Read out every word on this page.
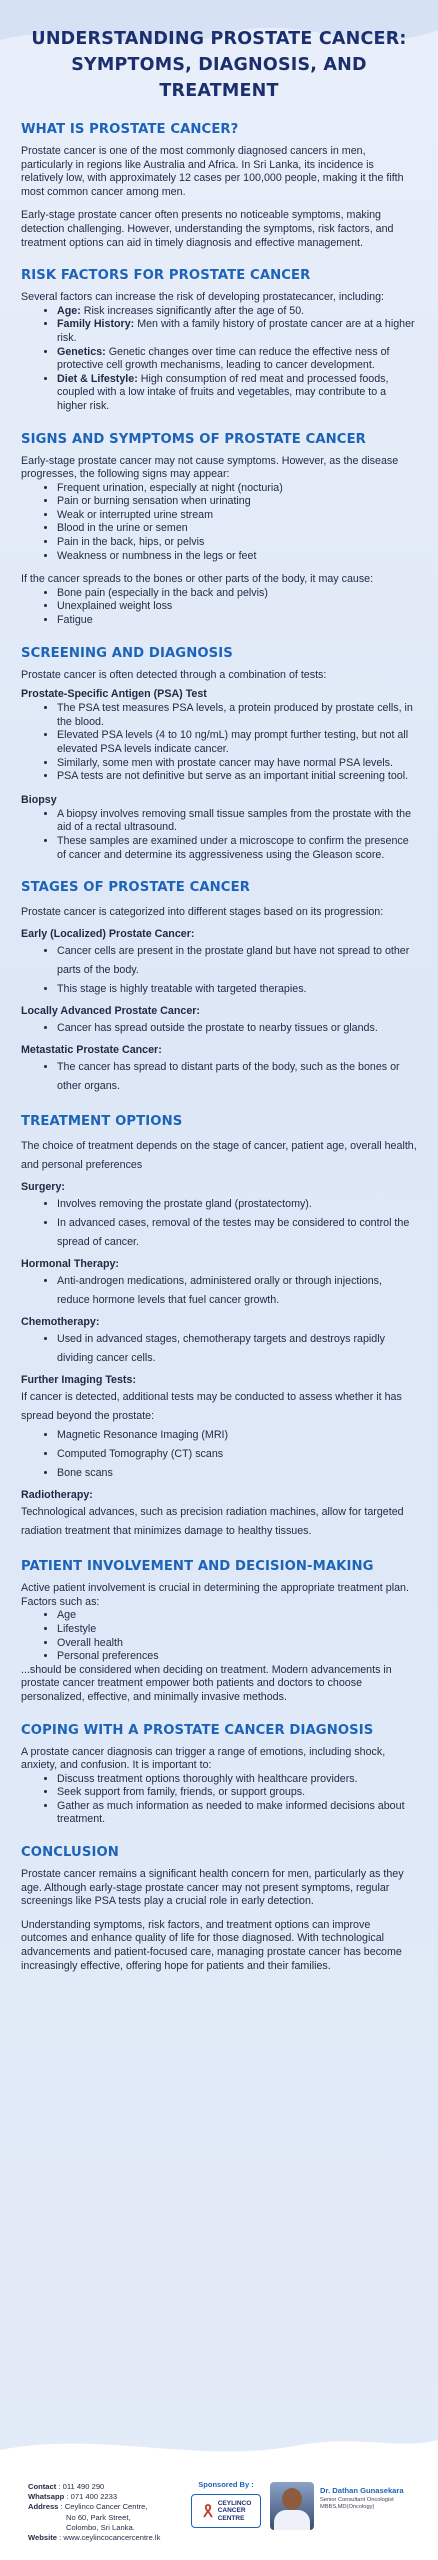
UNDERSTANDING PROSTATE CANCER: SYMPTOMS, DIAGNOSIS, AND TREATMENT
WHAT IS PROSTATE CANCER?

Prostate cancer is one of the most commonly diagnosed cancers in men, particularly in regions like Australia and Africa. In Sri Lanka, its incidence is relatively low, with approximately 12 cases per 100,000 people, making it the fifth most common cancer among men.

Early-stage prostate cancer often presents no noticeable symptoms, making detection challenging. However, understanding the symptoms, risk factors, and treatment options can aid in timely diagnosis and effective management.

RISK FACTORS FOR PROSTATE CANCER

Several factors can increase the risk of developing prostatecancer, including:

• Age: Risk increases significantly after the age of 50.
• Family History: Men with a family history of prostate cancer are at a higher risk.
• Genetics: Genetic changes over time can reduce the effective ness of protective cell growth mechanisms, leading to cancer development.
• Diet & Lifestyle: High consumption of red meat and processed foods, coupled with a low intake of fruits and vegetables, may contribute to a higher risk.
SIGNS AND SYMPTOMS OF PROSTATE CANCER

Early-stage prostate cancer may not cause symptoms. However, as the disease progresses, the following signs may appear:

• Frequent urination, especially at night (nocturia)
• Pain or burning sensation when urinating
• Weak or interrupted urine stream
• Blood in the urine or semen
• Pain in the back, hips, or pelvis
• Weakness or numbness in the legs or feet

If the cancer spreads to the bones or other parts of the body, it may cause:

• Bone pain (especially in the back and pelvis)
• Unexplained weight loss
• Fatigue
SCREENING AND DIAGNOSIS

Prostate cancer is often detected through a combination of tests:

Prostate-Specific Antigen (PSA) Test
• The PSA test measures PSA levels, a protein produced by prostate cells, in the blood.
• Elevated PSA levels (4 to 10 ng/mL) may prompt further testing, but not all elevated PSA levels indicate cancer.
• Similarly, some men with prostate cancer may have normal PSA levels.
• PSA tests are not definitive but serve as an important initial screening tool.
Biopsy
• A biopsy involves removing small tissue samples from the prostate with the aid of a rectal ultrasound.
• These samples are examined under a microscope to confirm the presence of cancer and determine its aggressiveness using the Gleason score.
STAGES OF PROSTATE CANCER

Prostate cancer is categorized into different stages based on its progression:

Early (Localized) Prostate Cancer:
• Cancer cells are present in the prostate gland but have not spread to other parts of the body.
• This stage is highly treatable with targeted therapies.
Locally Advanced Prostate Cancer:
• Cancer has spread outside the prostate to nearby tissues or glands.
Metastatic Prostate Cancer:
• The cancer has spread to distant parts of the body, such as the bones or other organs.
TREATMENT OPTIONS

The choice of treatment depends on the stage of cancer, patient age, overall health, and personal preferences

Surgery:
• Involves removing the prostate gland (prostatectomy).
• In advanced cases, removal of the testes may be considered to control the spread of cancer.
Hormonal Therapy:
• Anti-androgen medications, administered orally or through injections, reduce hormone levels that fuel cancer growth.
Chemotherapy:
• Used in advanced stages, chemotherapy targets and destroys rapidly dividing cancer cells.
Further Imaging Tests:

If cancer is detected, additional tests may be conducted to assess whether it has spread beyond the prostate:

• Magnetic Resonance Imaging (MRI)
• Computed Tomography (CT) scans
• Bone scans
Radiotherapy:

Technological advances, such as precision radiation machines, allow for targeted radiation treatment that minimizes damage to healthy tissues.

PATIENT INVOLVEMENT AND DECISION-MAKING

Active patient involvement is crucial in determining the appropriate treatment plan. Factors such as:

• Age
• Lifestyle
• Overall health
• Personal preferences

...should be considered when deciding on treatment. Modern advancements in prostate cancer treatment empower both patients and doctors to choose personalized, effective, and minimally invasive methods.

COPING WITH A PROSTATE CANCER DIAGNOSIS

A prostate cancer diagnosis can trigger a range of emotions, including shock, anxiety, and confusion. It is important to:

• Discuss treatment options thoroughly with healthcare providers.
• Seek support from family, friends, or support groups.
• Gather as much information as needed to make informed decisions about treatment.
CONCLUSION

Prostate cancer remains a significant health concern for men, particularly as they age. Although early-stage prostate cancer may not present symptoms, regular screenings like PSA tests play a crucial role in early detection.

Understanding symptoms, risk factors, and treatment options can improve outcomes and enhance quality of life for those diagnosed. With technological advancements and patient-focused care, managing prostate cancer has become increasingly effective, offering hope for patients and their families.

Contact : 011 490 290
Whatsapp : 071 400 2233
Address : Ceylinco Cancer Centre,
No 60, Park Street,
Colombo, Sri Lanka.
Website : www.ceylincocancercentre.lk
Sponsored By :
CEYLINCO
CANCER
CENTRE
Dr. Dathan Gunasekara
Senior Consultant Oncologist
MBBS,MD(Oncology)
